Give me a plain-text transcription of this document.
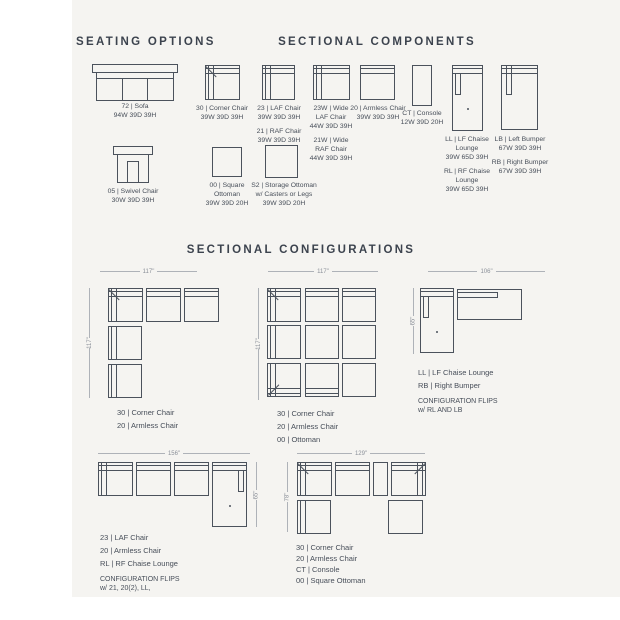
SEATING OPTIONS	SECTIONAL COMPONENTS
SECTIONAL CONFIGURATIONS
72 | Sofa
94W 39D 39H
05 | Swivel Chair
30W 39D 39H
30 | Corner Chair
39W 39D 39H
23 | LAF Chair
39W 39D 39H
21 | RAF Chair
39W 39D 39H
23W | Wide
LAF Chair
44W 39D 39H
21W | Wide
RAF Chair
44W 39D 39H
20 | Armless Chair
39W 39D 39H
CT | Console
12W 39D 20H
LL | LF Chaise
Lounge
39W 65D 39H
RL | RF Chaise
Lounge
39W 65D 39H
LB | Left Bumper
67W 39D 39H
RB | Right Bumper
67W 39D 39H
00 | Square
Ottoman
39W 39D 20H
S2 | Storage Ottoman
w/ Casters or Legs
39W 39D 20H
117"
117"
30 | Corner Chair
20 | Armless Chair
117"
117"
30 | Corner Chair
20 | Armless Chair
00 | Ottoman
106"
65"
LL | LF Chaise Lounge
RB | Right Bumper
CONFIGURATION FLIPS
w/ RL AND LB
156"
65"
23 | LAF Chair
20 | Armless Chair
RL | RF Chaise Lounge
CONFIGURATION FLIPS
w/ 21, 20(2), LL,
129"
78"
30 | Corner Chair
20 | Armless Chair
CT | Console
00 | Square Ottoman
